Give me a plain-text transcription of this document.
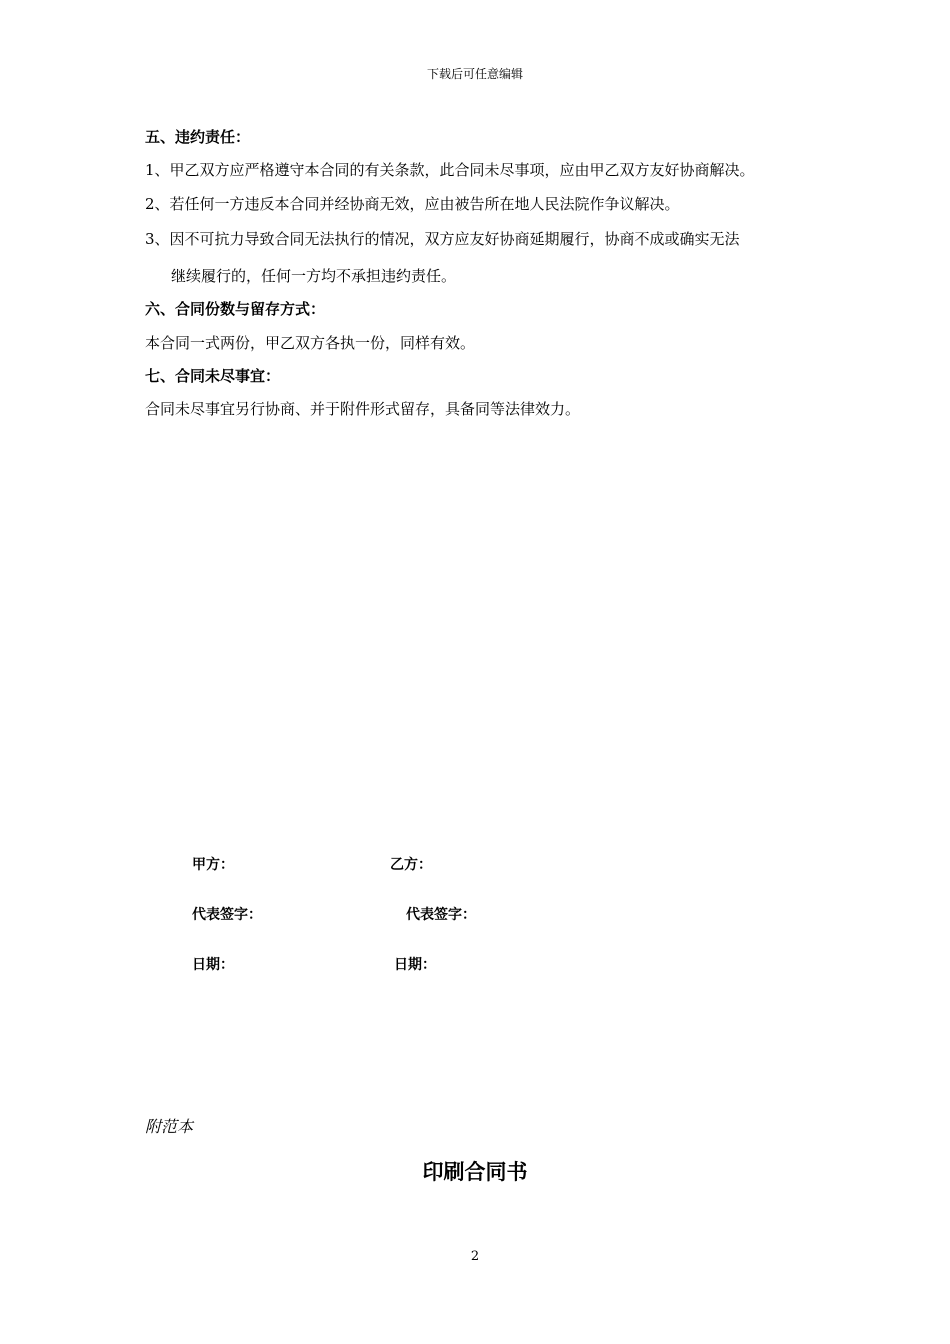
下载后可任意编辑
五、违约责任：
1、甲乙双方应严格遵守本合同的有关条款，此合同未尽事项，应由甲乙双方友好协商解决。
2、若任何一方违反本合同并经协商无效，应由被告所在地人民法院作争议解决。
3、因不可抗力导致合同无法执行的情况，双方应友好协商延期履行，协商不成或确实无法
继续履行的，任何一方均不承担违约责任。
六、合同份数与留存方式：
本合同一式两份，甲乙双方各执一份，同样有效。
七、合同未尽事宜：
合同未尽事宜另行协商、并于附件形式留存，具备同等法律效力。
甲方：	乙方：
代表签字：	代表签字：
日期：	日期：
附范本
印刷合同书
2
